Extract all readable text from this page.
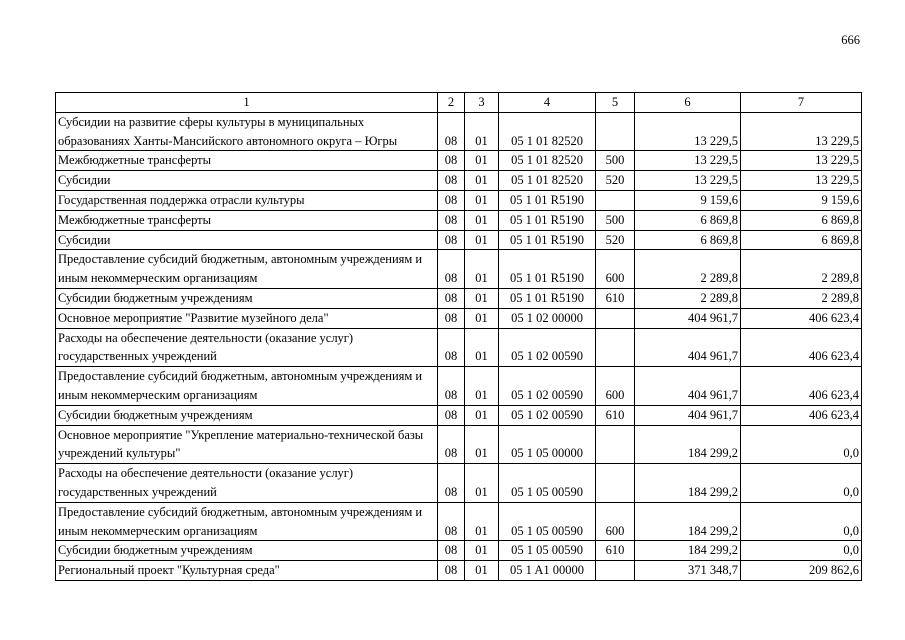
666
1	2	3	4	5	6	7
Субсидии на развитие сферы культуры в муниципальных образованиях Ханты-Мансийского автономного округа – Югры	08	01	05 1 01 82520		13 229,5	13 229,5
Межбюджетные трансферты	08	01	05 1 01 82520	500	13 229,5	13 229,5
Субсидии	08	01	05 1 01 82520	520	13 229,5	13 229,5
Государственная поддержка отрасли культуры	08	01	05 1 01 R5190		9 159,6	9 159,6
Межбюджетные трансферты	08	01	05 1 01 R5190	500	6 869,8	6 869,8
Субсидии	08	01	05 1 01 R5190	520	6 869,8	6 869,8
Предоставление субсидий бюджетным, автономным учреждениям и иным некоммерческим организациям	08	01	05 1 01 R5190	600	2 289,8	2 289,8
Субсидии бюджетным учреждениям	08	01	05 1 01 R5190	610	2 289,8	2 289,8
Основное мероприятие "Развитие музейного дела"	08	01	05 1 02 00000		404 961,7	406 623,4
Расходы на обеспечение деятельности (оказание услуг) государственных учреждений	08	01	05 1 02 00590		404 961,7	406 623,4
Предоставление субсидий бюджетным, автономным учреждениям и иным некоммерческим организациям	08	01	05 1 02 00590	600	404 961,7	406 623,4
Субсидии бюджетным учреждениям	08	01	05 1 02 00590	610	404 961,7	406 623,4
Основное мероприятие "Укрепление материально-технической базы учреждений культуры"	08	01	05 1 05 00000		184 299,2	0,0
Расходы на обеспечение деятельности (оказание услуг) государственных учреждений	08	01	05 1 05 00590		184 299,2	0,0
Предоставление субсидий бюджетным, автономным учреждениям и иным некоммерческим организациям	08	01	05 1 05 00590	600	184 299,2	0,0
Субсидии бюджетным учреждениям	08	01	05 1 05 00590	610	184 299,2	0,0
Региональный проект "Культурная среда"	08	01	05 1 A1 00000		371 348,7	209 862,6
